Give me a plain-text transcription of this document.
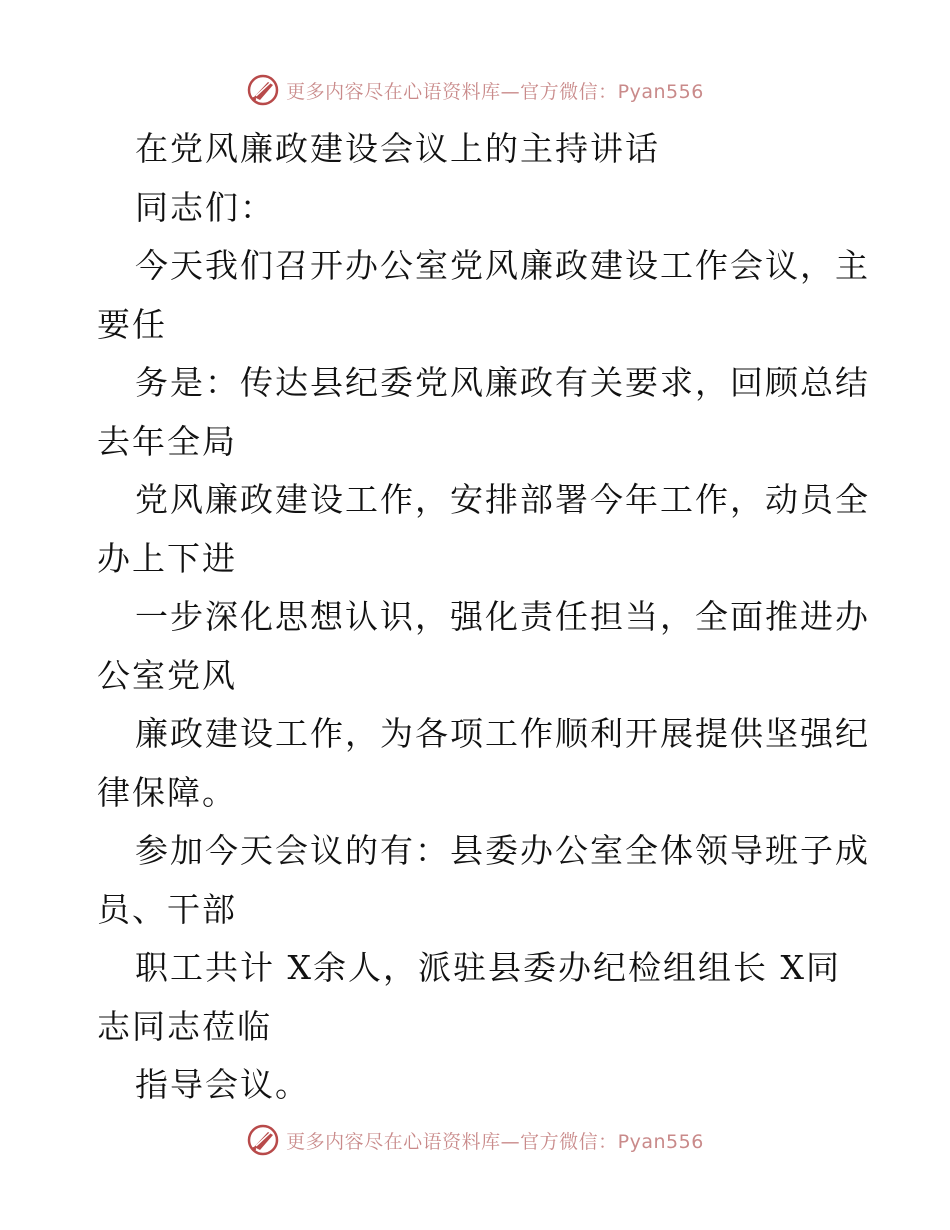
更多内容尽在心语资料库—官方微信：Pyan556
在党风廉政建设会议上的主持讲话
同志们：
今天我们召开办公室党风廉政建设工作会议，主
要任
务是：传达县纪委党风廉政有关要求，回顾总结
去年全局
党风廉政建设工作，安排部署今年工作，动员全
办上下进
一步深化思想认识，强化责任担当，全面推进办
公室党风
廉政建设工作，为各项工作顺利开展提供坚强纪
律保障。
参加今天会议的有：县委办公室全体领导班子成
员、干部
职工共计 X余人，派驻县委办纪检组组长 X同
志同志莅临
指导会议。
更多内容尽在心语资料库—官方微信：Pyan556
